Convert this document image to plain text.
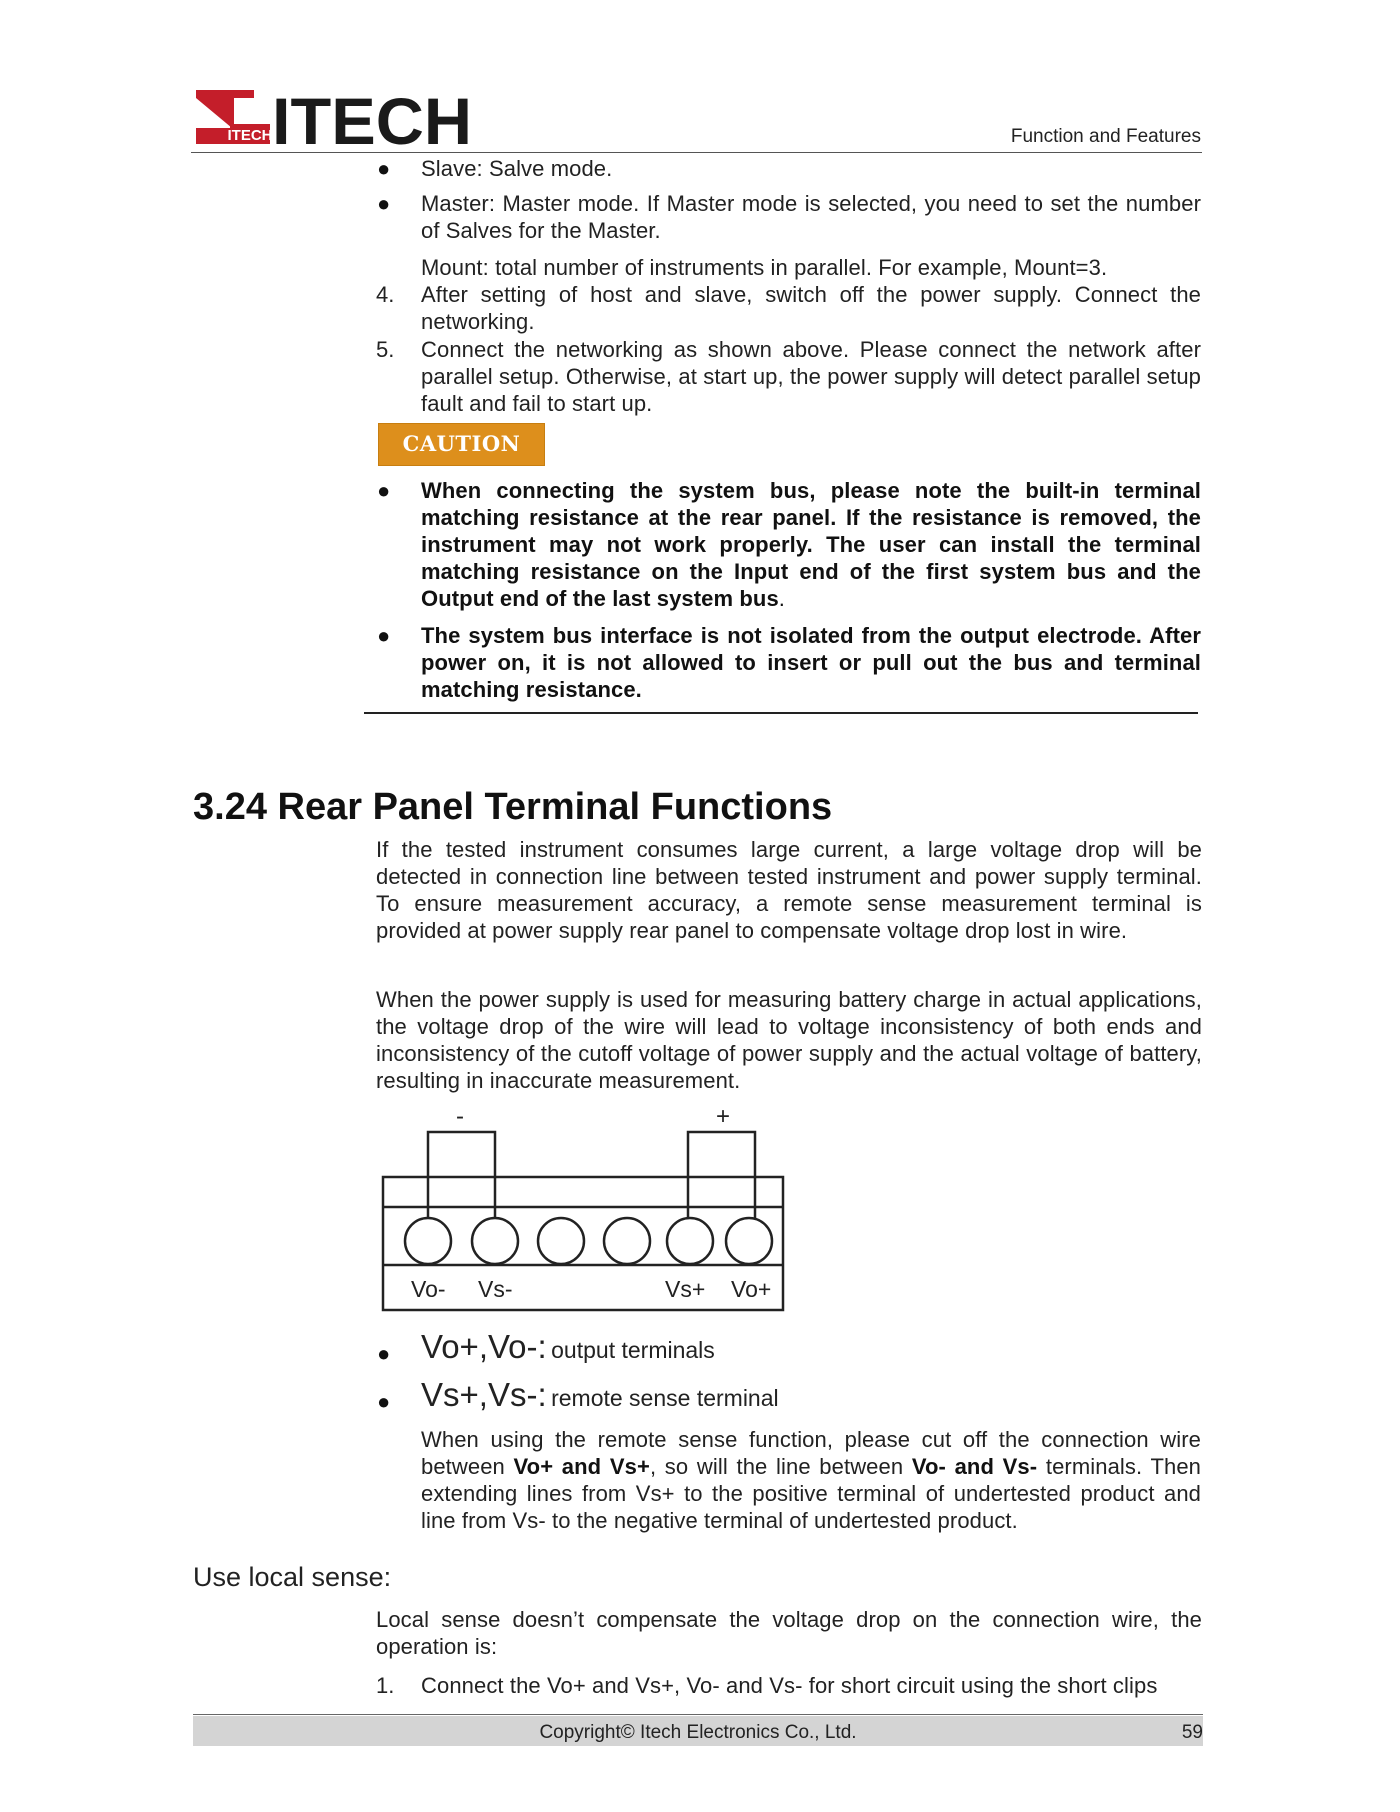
ITECH ITECH	Function and Features
● Slave: Salve mode.
● Master: Master mode. If Master mode is selected, you need to set the number of Salves for the Master.
Mount: total number of instruments in parallel. For example, Mount=3.
4. After setting of host and slave, switch off the power supply. Connect the networking.
5. Connect the networking as shown above. Please connect the network after parallel setup. Otherwise, at start up, the power supply will detect parallel setup fault and fail to start up.
CAUTION
● When connecting the system bus, please note the built-in terminal matching resistance at the rear panel. If the resistance is removed, the instrument may not work properly. The user can install the terminal matching resistance on the Input end of the first system bus and the Output end of the last system bus.
● The system bus interface is not isolated from the output electrode. After power on, it is not allowed to insert or pull out the bus and terminal matching resistance.
3.24 Rear Panel Terminal Functions
If the tested instrument consumes large current, a large voltage drop will be detected in connection line between tested instrument and power supply terminal. To ensure measurement accuracy, a remote sense measurement terminal is provided at power supply rear panel to compensate voltage drop lost in wire.
When the power supply is used for measuring battery charge in actual applications, the voltage drop of the wire will lead to voltage inconsistency of both ends and inconsistency of the cutoff voltage of power supply and the actual voltage of battery, resulting in inaccurate measurement.
-	+
Vo- Vs-	Vs+ Vo+
● Vo+,Vo-: output terminals
● Vs+,Vs-: remote sense terminal
When using the remote sense function, please cut off the connection wire between Vo+ and Vs+, so will the line between Vo- and Vs- terminals. Then extending lines from Vs+ to the positive terminal of undertested product and line from Vs- to the negative terminal of undertested product.
Use local sense:
Local sense doesn’t compensate the voltage drop on the connection wire, the operation is:
1. Connect the Vo+ and Vs+, Vo- and Vs- for short circuit using the short clips
Copyright© Itech Electronics Co., Ltd.	59
